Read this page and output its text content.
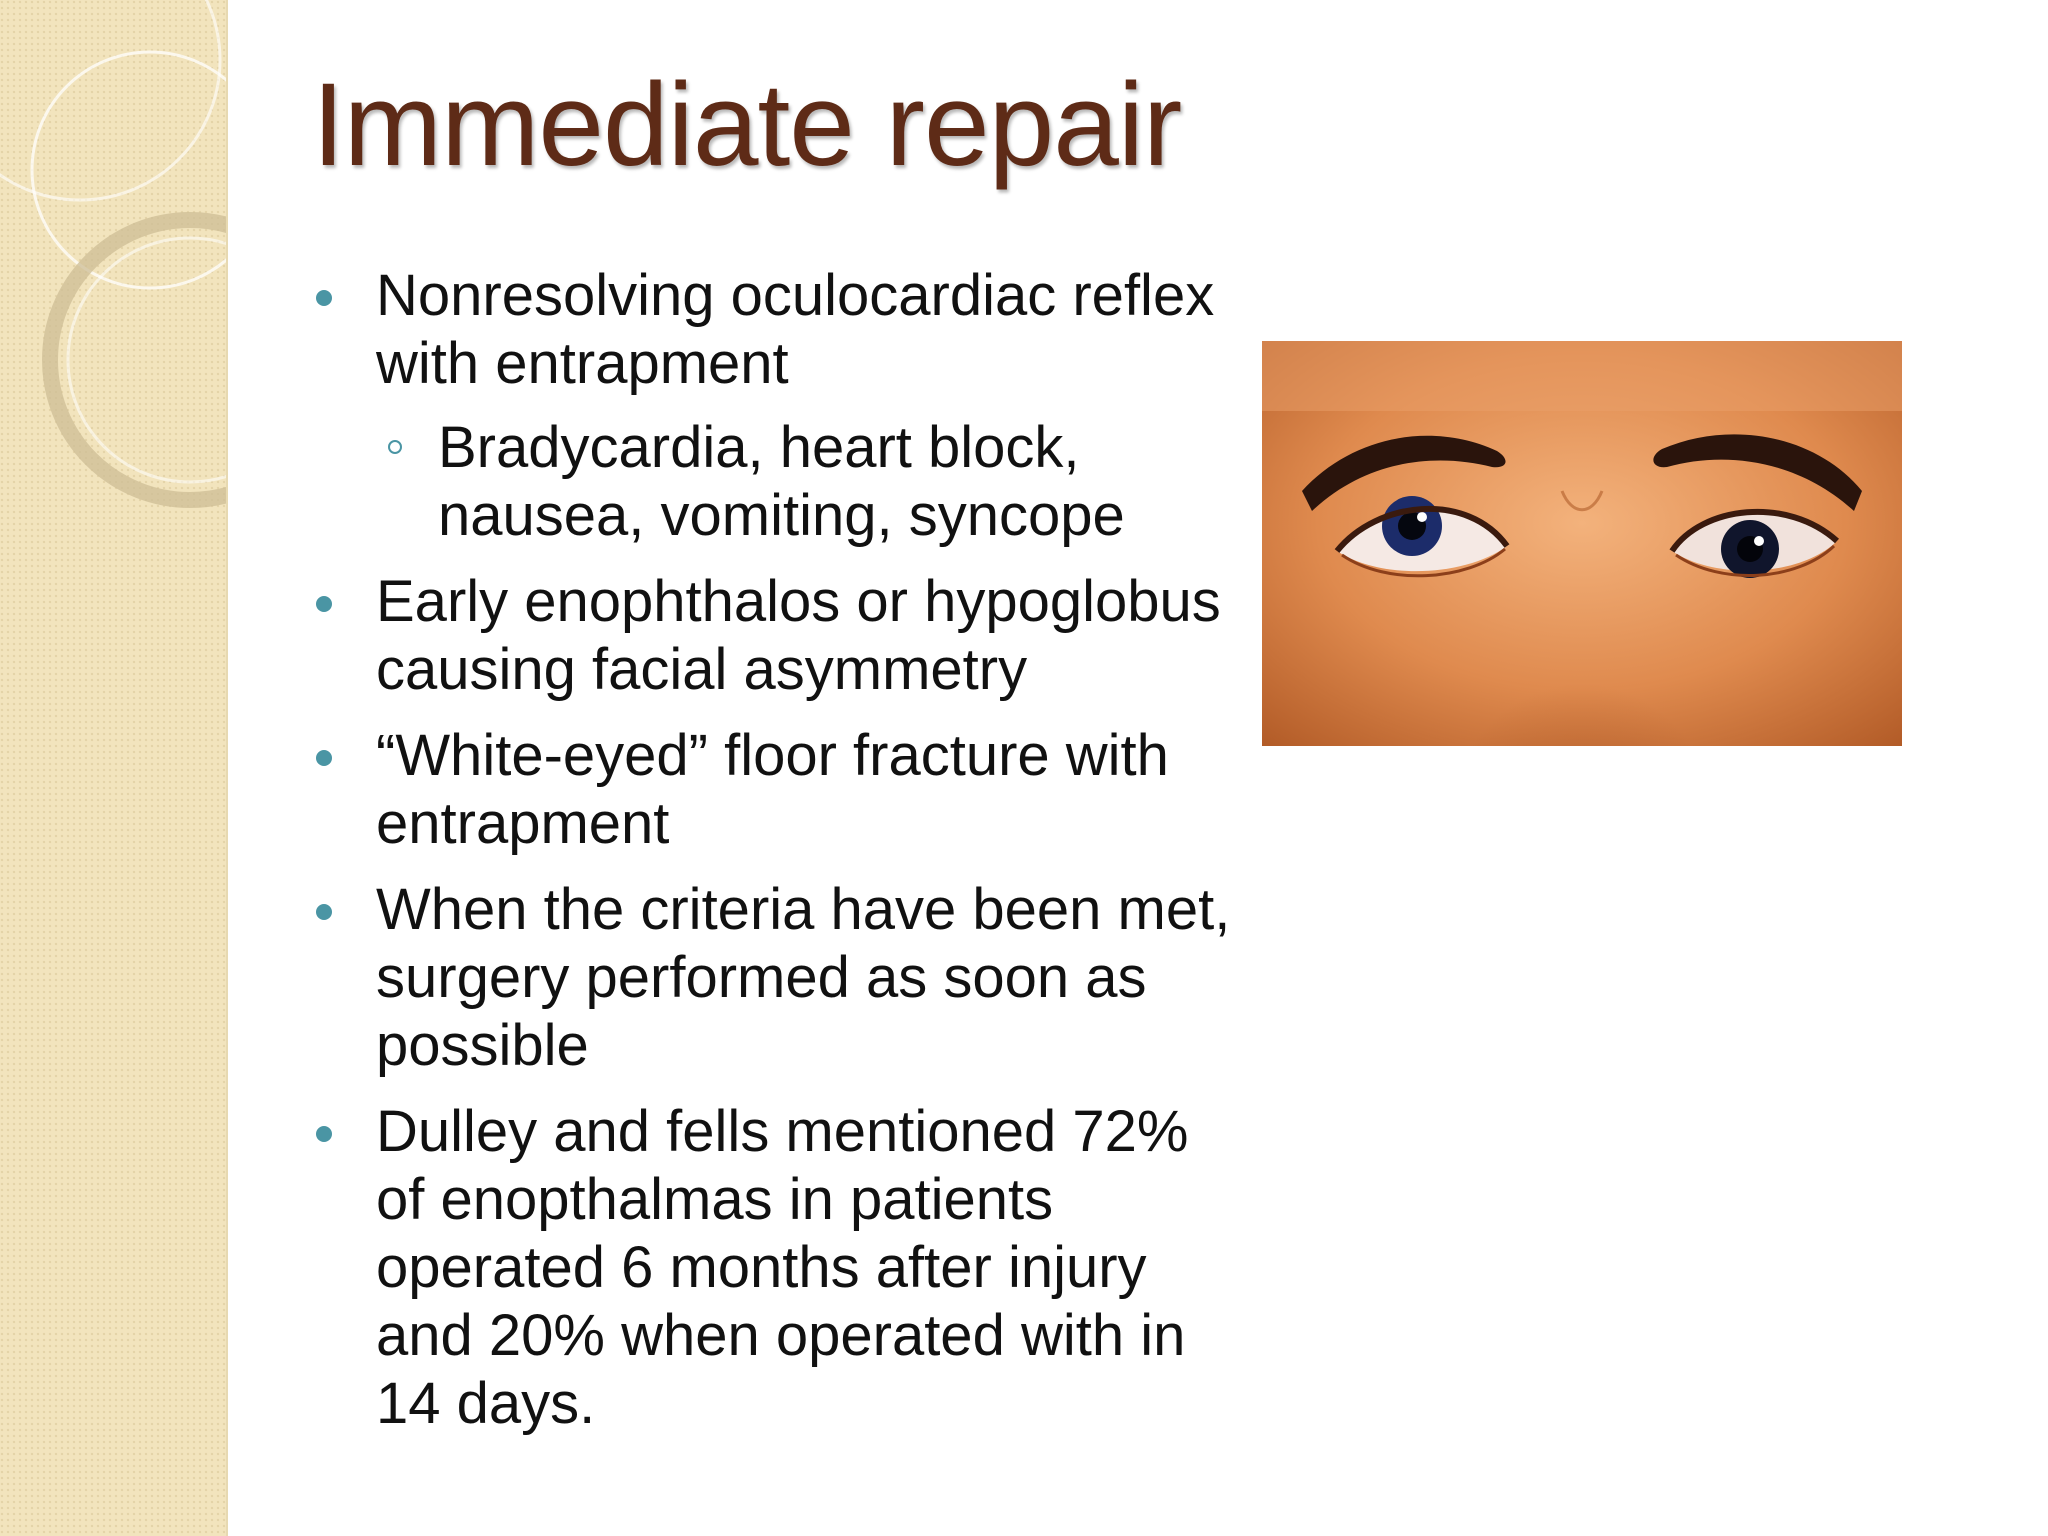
Immediate repair
Nonresolving oculocardiac reflex with entrapment
Bradycardia, heart block, nausea, vomiting, syncope
Early enophthalos or hypoglobus causing facial asymmetry
“White-eyed” floor fracture with entrapment
When the criteria have been met, surgery performed as soon as possible
Dulley and fells mentioned 72% of enopthalmas in patients operated 6 months after injury and 20% when operated with in 14 days.
